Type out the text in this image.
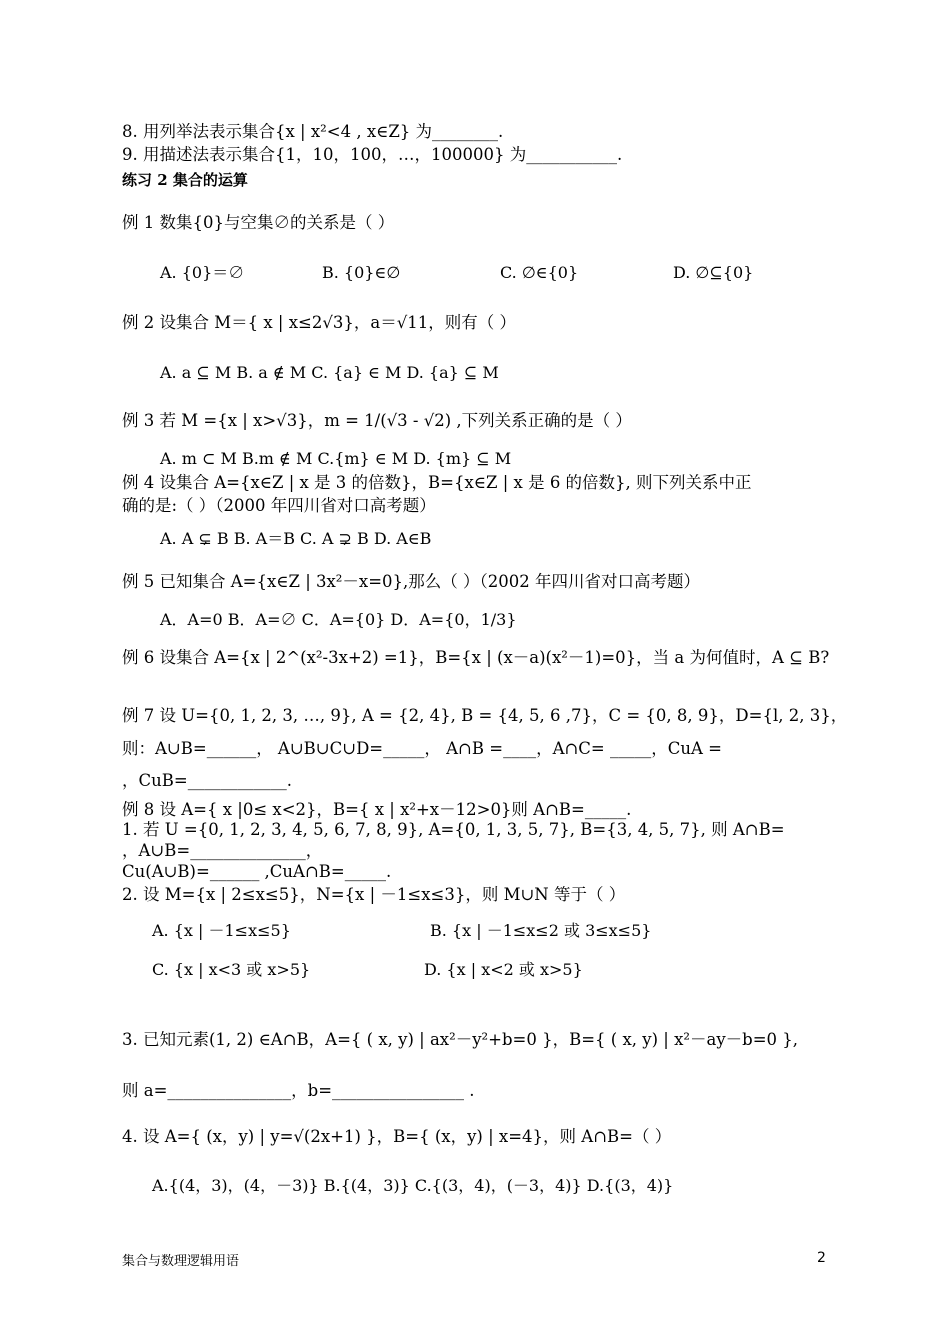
8. 用列举法表示集合{x | x²<4 , x∈Z} 为________.
9. 用描述法表示集合{1，10，100，…，100000} 为___________.
练习 2 集合的运算
例 1 数集{0}与空集∅的关系是（ ）
A. {0}＝∅	B. {0}∈∅	C. ∅∈{0}	D. ∅⊆{0}
例 2 设集合 M＝{ x | x≤2√3}，a＝√11，则有（ ）
A. a ⊆ M B. a ∉ M C. {a} ∈ M D. {a} ⊆ M
例 3 若 M ={x | x>√3}，m = 1/(√3 - √2) ,下列关系正确的是（ ）
A. m ⊂ M B.m ∉ M C.{m} ∈ M D. {m} ⊆ M
例 4 设集合 A={x∈Z | x 是 3 的倍数}，B={x∈Z | x 是 6 的倍数}, 则下列关系中正
确的是:（ ）（2000 年四川省对口高考题）
A. A ⊊ B B. A＝B C. A ⊋ B D. A∈B
例 5 已知集合 A={x∈Z | 3x²－x=0},那么（ ）（2002 年四川省对口高考题）
A．A=0 B．A=∅ C．A={0} D．A={0，1/3}
例 6 设集合 A={x | 2^(x²-3x+2) =1}，B={x | (x－a)(x²－1)=0}，当 a 为何值时，A ⊆ B?
例 7 设 U={0, 1, 2, 3, …, 9}, A = {2, 4}, B = {4, 5, 6 ,7}，C = {0, 8, 9}，D={l, 2, 3}，
则：A∪B=______， A∪B∪C∪D=_____， A∩B =____，A∩C= _____，CuA =
，CuB=____________.
例 8 设 A={ x |0≤ x<2}，B={ x | x²+x－12>0}则 A∩B=_____.
1. 若 U ={0, 1, 2, 3, 4, 5, 6, 7, 8, 9}, A={0, 1, 3, 5, 7}, B={3, 4, 5, 7}, 则 A∩B=
，A∪B=______________，
Cu(A∪B)=______ ,CuA∩B=_____.
2. 设 M={x | 2≤x≤5}，N={x | －1≤x≤3}，则 M∪N 等于（ ）
A. {x | －1≤x≤5}	B. {x | －1≤x≤2 或 3≤x≤5}
C. {x | x<3 或 x>5}	D. {x | x<2 或 x>5}
3. 已知元素(1, 2) ∈A∩B，A={ ( x, y) | ax²－y²+b=0 }，B={ ( x, y) | x²－ay－b=0 },
则 a=_______________，b=________________ .
4. 设 A={ (x，y) | y=√(2x+1) }，B={ (x，y) | x=4}，则 A∩B=（ ）
A.{(4，3)，(4，－3)} B.{(4，3)} C.{(3，4)，(－3，4)} D.{(3，4)}
集合与数理逻辑用语	2
